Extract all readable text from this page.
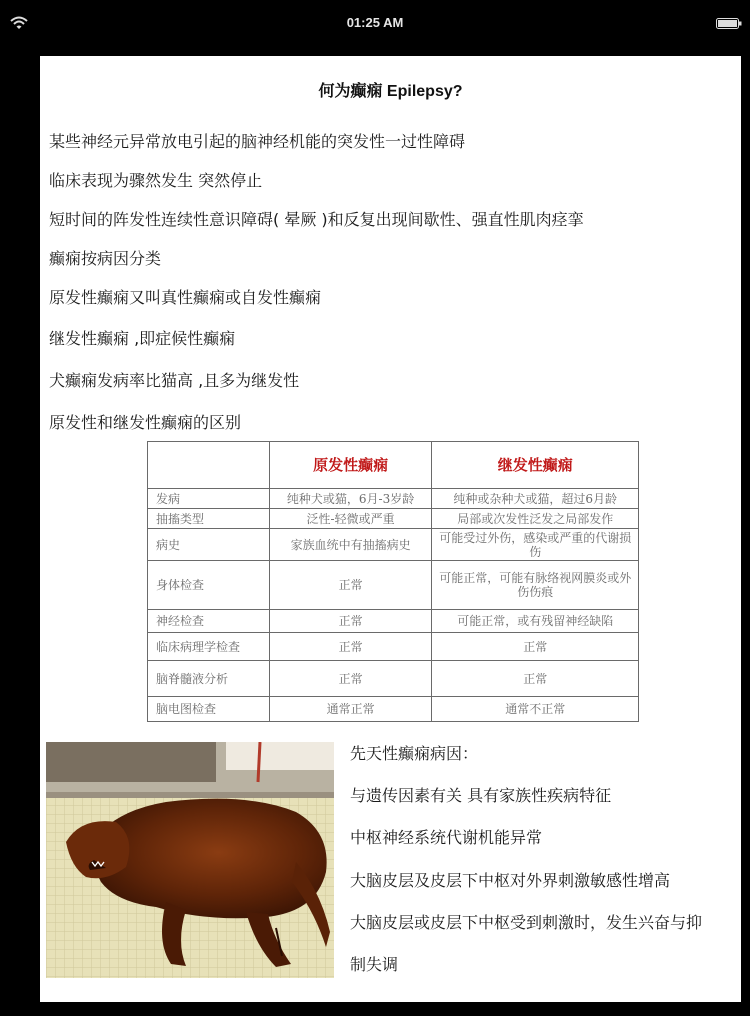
01:25 AM
何为癫痫 Epilepsy?
某些神经元异常放电引起的脑神经机能的突发性一过性障碍
临床表现为骤然发生 突然停止
短时间的阵发性连续性意识障碍( 晕厥 )和反复出现间歇性、强直性肌肉痉挛
癫痫按病因分类
原发性癫痫又叫真性癫痫或自发性癫痫
继发性癫痫 ,即症候性癫痫
犬癫痫发病率比猫高 ,且多为继发性
原发性和继发性癫痫的区别
	原发性癫痫	继发性癫痫
发病	纯种犬或猫，6月-3岁龄	纯种或杂种犬或猫，超过6月龄
抽搐类型	泛性-轻微或严重	局部或次发性泛发之局部发作
病史	家族血统中有抽搐病史	可能受过外伤，感染或严重的代谢损伤
身体检查	正常	可能正常，可能有脉络视网膜炎或外伤伤痕
神经检查	正常	可能正常，或有残留神经缺陷
临床病理学检查	正常	正常
脑脊髓液分析	正常	正常
脑电图检查	通常正常	通常不正常
先天性癫痫病因：
与遗传因素有关 具有家族性疾病特征
中枢神经系统代谢机能异常
大脑皮层及皮层下中枢对外界刺激敏感性增高
大脑皮层或皮层下中枢受到刺激时，发生兴奋与抑
制失调
